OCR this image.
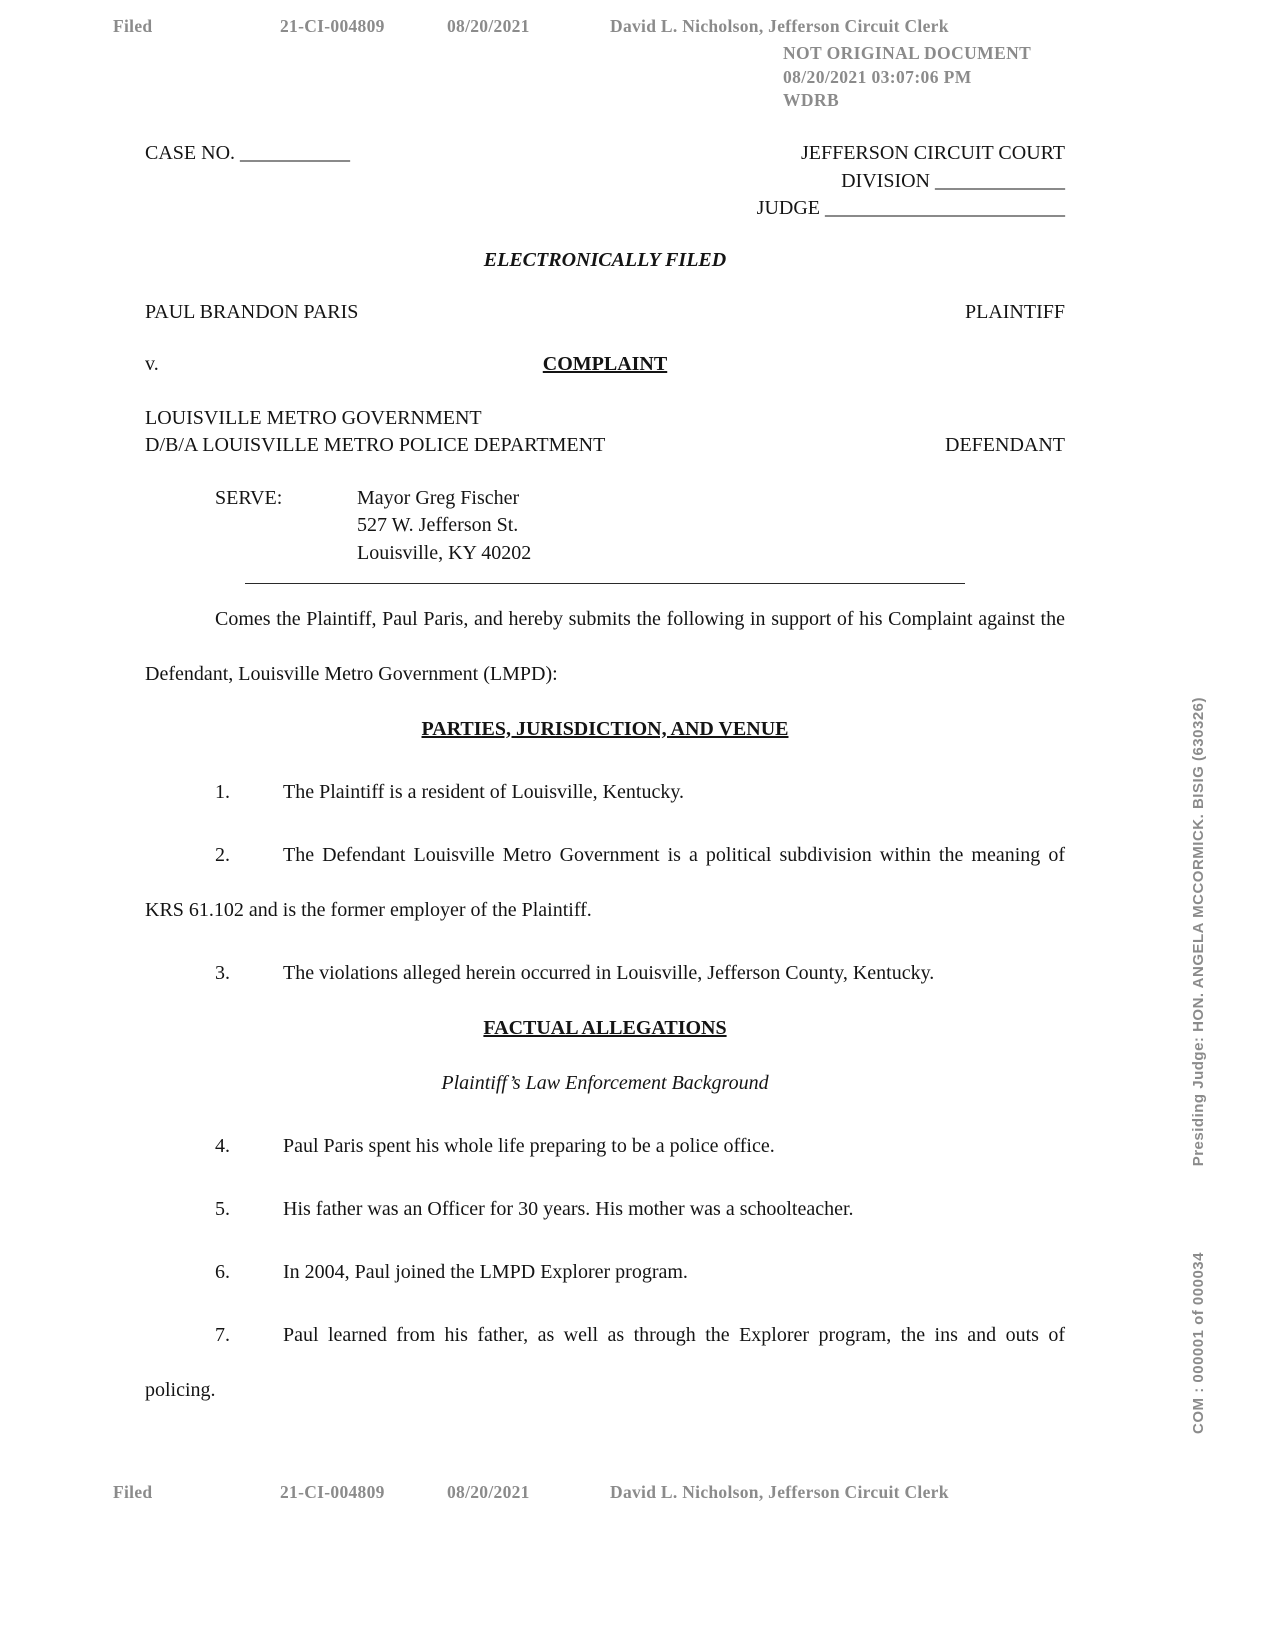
Filed	21-CI-004809	08/20/2021	David L. Nicholson, Jefferson Circuit Clerk
NOT ORIGINAL DOCUMENT
08/20/2021 03:07:06 PM
WDRB
Presiding Judge: HON. ANGELA MCCORMICK. BISIG (630326)
COM : 000001 of 000034
CASE NO. ___________	JEFFERSON CIRCUIT COURT
DIVISION _____________
JUDGE ________________________
ELECTRONICALLY FILED
PAUL BRANDON PARIS	PLAINTIFF
v.	COMPLAINT
LOUISVILLE METRO GOVERNMENT
D/B/A LOUISVILLE METRO POLICE DEPARTMENT	DEFENDANT
SERVE:	Mayor Greg Fischer
527 W. Jefferson St.
Louisville, KY 40202

Comes the Plaintiff, Paul Paris, and hereby submits the following in support of his Complaint against the Defendant, Louisville Metro Government (LMPD):

PARTIES, JURISDICTION, AND VENUE

1.	The Plaintiff is a resident of Louisville, Kentucky.

2.	The Defendant Louisville Metro Government is a political subdivision within the meaning of KRS 61.102 and is the former employer of the Plaintiff.

3.	The violations alleged herein occurred in Louisville, Jefferson County, Kentucky.

FACTUAL ALLEGATIONS

Plaintiff’s Law Enforcement Background

4.	Paul Paris spent his whole life preparing to be a police office.

5.	His father was an Officer for 30 years. His mother was a schoolteacher.

6.	In 2004, Paul joined the LMPD Explorer program.

7.	Paul learned from his father, as well as through the Explorer program, the ins and outs of policing.

Filed	21-CI-004809	08/20/2021	David L. Nicholson, Jefferson Circuit Clerk
